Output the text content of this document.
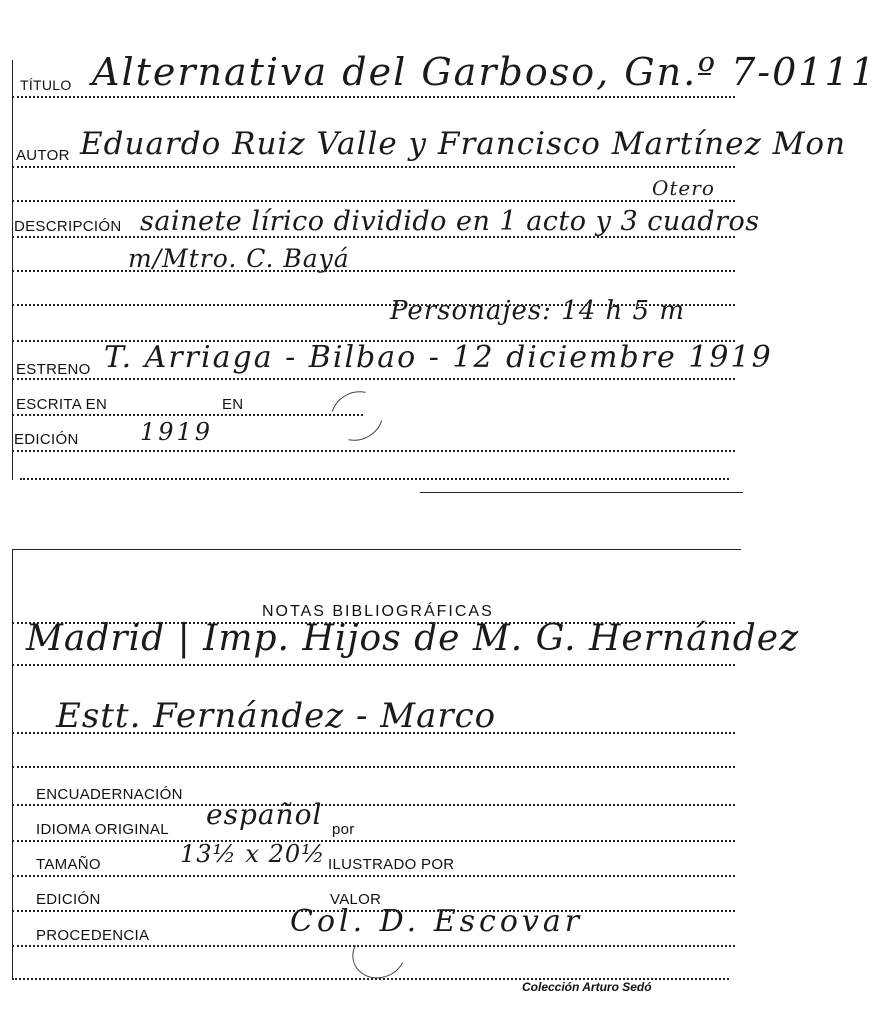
TÍTULO Alternativa del Garboso, Gn.º 7-0111
AUTOR Eduardo Ruiz Valle y Francisco Martínez Mon
Otero
DESCRIPCIÓN sainete lírico dividido en 1 acto y 3 cuadros
m/Mtro. C. Bayá
Personajes: 14 h 5 m
ESTRENO T. Arriaga - Bilbao - 12 diciembre 1919
ESCRITA EN	EN
EDICIÓN	1919
NOTAS BIBLIOGRÁFICAS
Madrid | Imp. Hijos de M. G. Hernández
Estt. Fernández - Marco
ENCUADERNACIÓN
IDIOMA ORIGINAL español por
TAMAÑO	13½ x 20½ ILUSTRADO POR
EDICIÓN	VALOR
PROCEDENCIA	Col. D. Escovar
Colección Arturo Sedó
